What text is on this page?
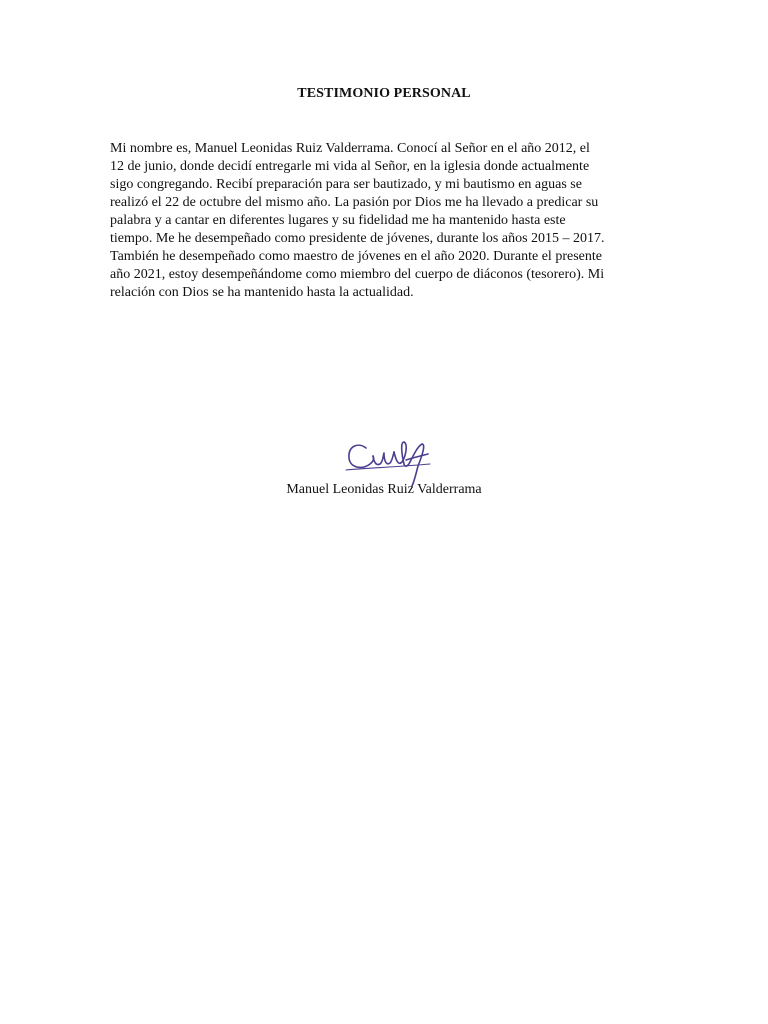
TESTIMONIO PERSONAL
Mi nombre es, Manuel Leonidas Ruiz Valderrama. Conocí al Señor en el año 2012, el
12 de junio, donde decidí entregarle mi vida al Señor, en la iglesia donde actualmente
sigo congregando. Recibí preparación para ser bautizado, y mi bautismo en aguas se
realizó el 22 de octubre del mismo año. La pasión por Dios me ha llevado a predicar su
palabra y a cantar en diferentes lugares y su fidelidad me ha mantenido hasta este
tiempo. Me he desempeñado como presidente de jóvenes, durante los años 2015 – 2017.
También he desempeñado como maestro de jóvenes en el año 2020. Durante el presente
año 2021, estoy desempeñándome como miembro del cuerpo de diáconos (tesorero). Mi
relación con Dios se ha mantenido hasta la actualidad.
Manuel Leonidas Ruiz Valderrama
